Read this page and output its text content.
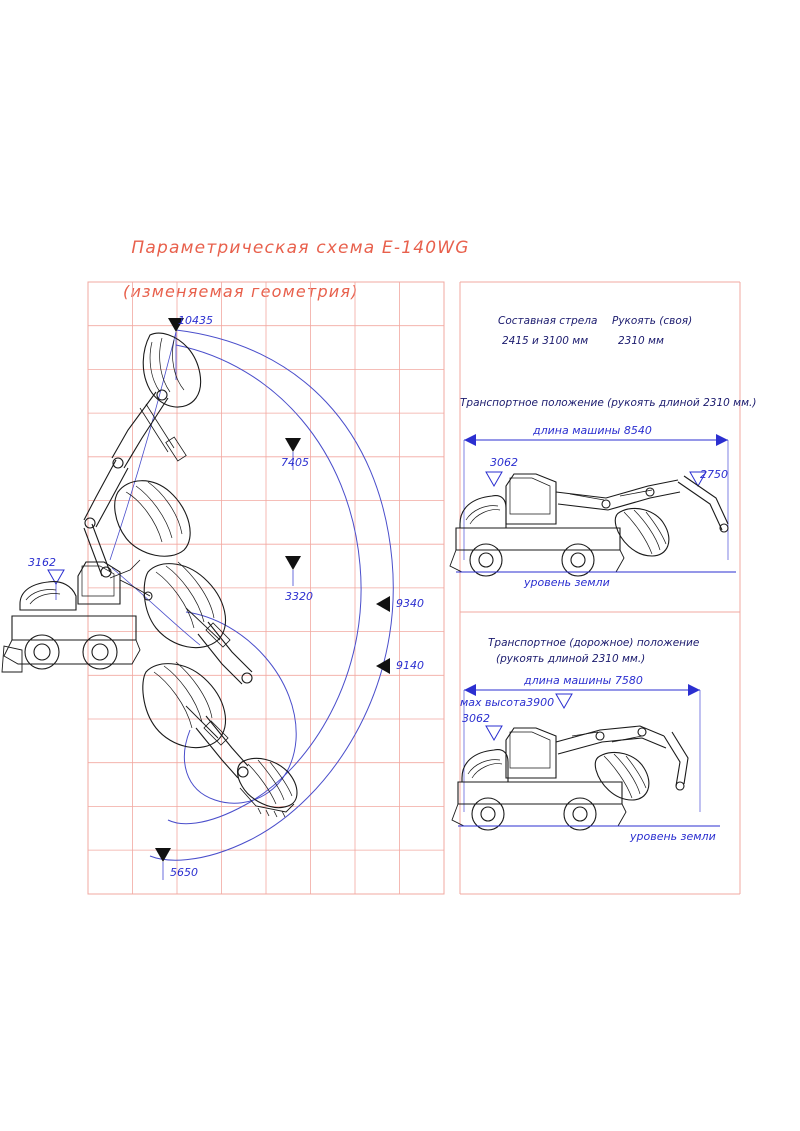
Параметрическая схема E-140WG

(изменяемая геометрия)

10435
7405
3320
9340
9140
5650
3162
Составная стрела Рукоять (своя)
2415 и 3100 мм	2310 мм
Транспортное положение (рукоять длиной 2310 мм.)
длина машины 8540
3062
2750
уровень земли
Транспортное (дорожное) положение
(рукоять длиной 2310 мм.)
длина машины 7580
мах высота3900
3062
уровень земли
